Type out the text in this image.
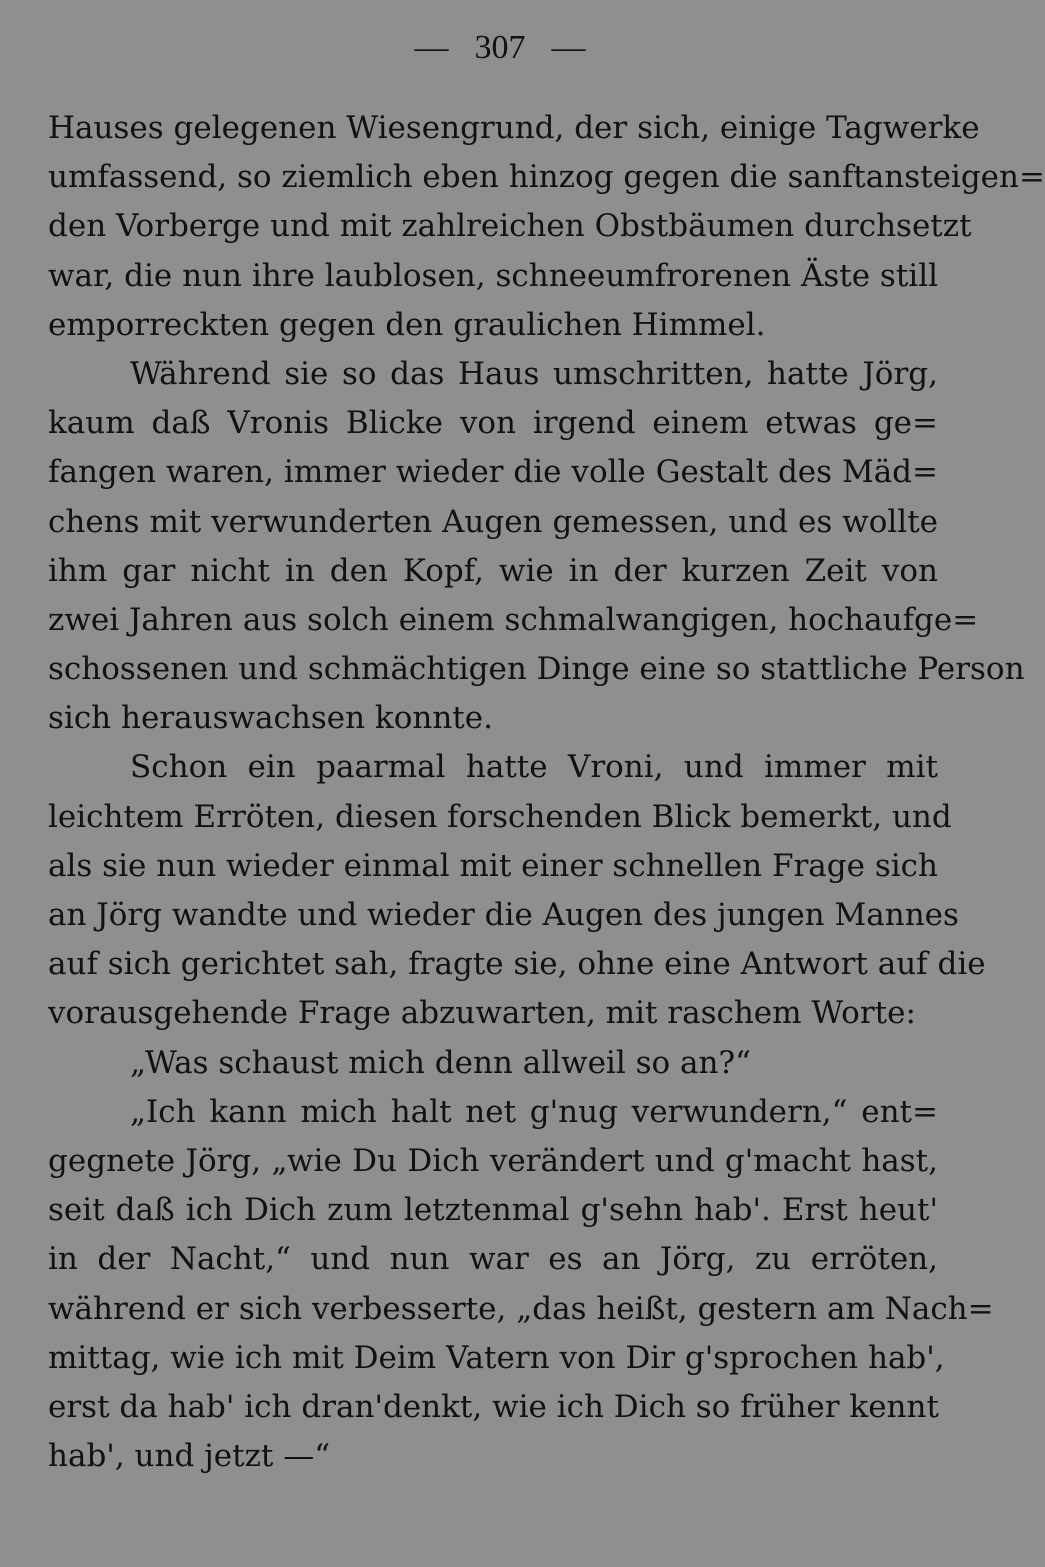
— 307 —
Hauses gelegenen Wiesengrund, der sich, einige Tagwerke
umfassend, so ziemlich eben hinzog gegen die sanftansteigen=
den Vorberge und mit zahlreichen Obstbäumen durchsetzt
war, die nun ihre laublosen, schneeumfrorenen Äste still
emporreckten gegen den graulichen Himmel.
Während sie so das Haus umschritten, hatte Jörg,
kaum daß Vronis Blicke von irgend einem etwas ge=
fangen waren, immer wieder die volle Gestalt des Mäd=
chens mit verwunderten Augen gemessen, und es wollte
ihm gar nicht in den Kopf, wie in der kurzen Zeit von
zwei Jahren aus solch einem schmalwangigen, hochaufge=
schossenen und schmächtigen Dinge eine so stattliche Person
sich herauswachsen konnte.
Schon ein paarmal hatte Vroni, und immer mit
leichtem Erröten, diesen forschenden Blick bemerkt, und
als sie nun wieder einmal mit einer schnellen Frage sich
an Jörg wandte und wieder die Augen des jungen Mannes
auf sich gerichtet sah, fragte sie, ohne eine Antwort auf die
vorausgehende Frage abzuwarten, mit raschem Worte:
„Was schaust mich denn allweil so an?“
„Ich kann mich halt net g'nug verwundern,“ ent=
gegnete Jörg, „wie Du Dich verändert und g'macht hast,
seit daß ich Dich zum letztenmal g'sehn hab'. Erst heut'
in der Nacht,“ und nun war es an Jörg, zu erröten,
während er sich verbesserte, „das heißt, gestern am Nach=
mittag, wie ich mit Deim Vatern von Dir g'sprochen hab',
erst da hab' ich dran'denkt, wie ich Dich so früher kennt
hab', und jetzt —“
